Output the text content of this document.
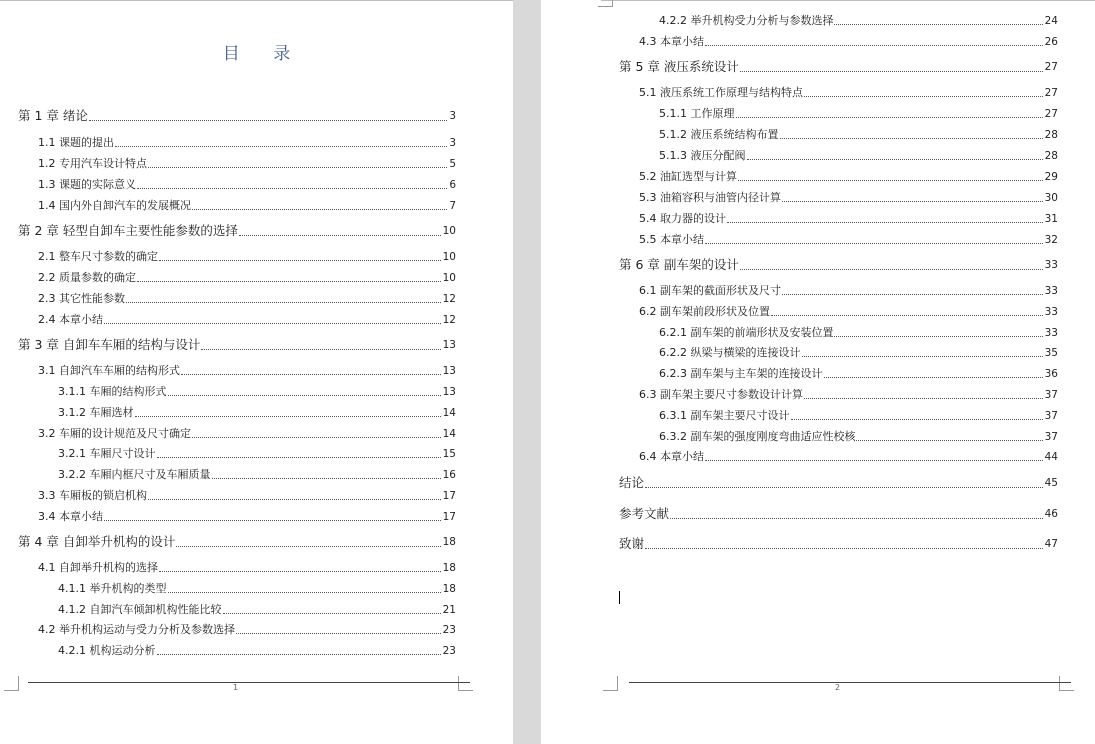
目 录
第 1 章 绪论	3
1.1 课题的提出	3
1.2 专用汽车设计特点	5
1.3 课题的实际意义	6
1.4 国内外自卸汽车的发展概况	7
第 2 章 轻型自卸车主要性能参数的选择	10
2.1 整车尺寸参数的确定	10
2.2 质量参数的确定	10
2.3 其它性能参数	12
2.4 本章小结	12
第 3 章 自卸车车厢的结构与设计	13
3.1 自卸汽车车厢的结构形式	13
3.1.1 车厢的结构形式	13
3.1.2 车厢选材	14
3.2 车厢的设计规范及尺寸确定	14
3.2.1 车厢尺寸设计	15
3.2.2 车厢内框尺寸及车厢质量	16
3.3 车厢板的锁启机构	17
3.4 本章小结	17
第 4 章 自卸举升机构的设计	18
4.1 自卸举升机构的选择	18
4.1.1 举升机构的类型	18
4.1.2 自卸汽车倾卸机构性能比较	21
4.2 举升机构运动与受力分析及参数选择	23
4.2.1 机构运动分析	23
1
4.2.2 举升机构受力分析与参数选择	24
4.3 本章小结	26
第 5 章 液压系统设计	27
5.1 液压系统工作原理与结构特点	27
5.1.1 工作原理	27
5.1.2 液压系统结构布置	28
5.1.3 液压分配阀	28
5.2 油缸选型与计算	29
5.3 油箱容积与油管内径计算	30
5.4 取力器的设计	31
5.5 本章小结	32
第 6 章 副车架的设计	33
6.1 副车架的截面形状及尺寸	33
6.2 副车架前段形状及位置	33
6.2.1 副车架的前端形状及安装位置	33
6.2.2 纵梁与横梁的连接设计	35
6.2.3 副车架与主车架的连接设计	36
6.3 副车架主要尺寸参数设计计算	37
6.3.1 副车架主要尺寸设计	37
6.3.2 副车架的强度刚度弯曲适应性校核	37
6.4 本章小结	44
结论	45
参考文献	46
致谢	47
2
